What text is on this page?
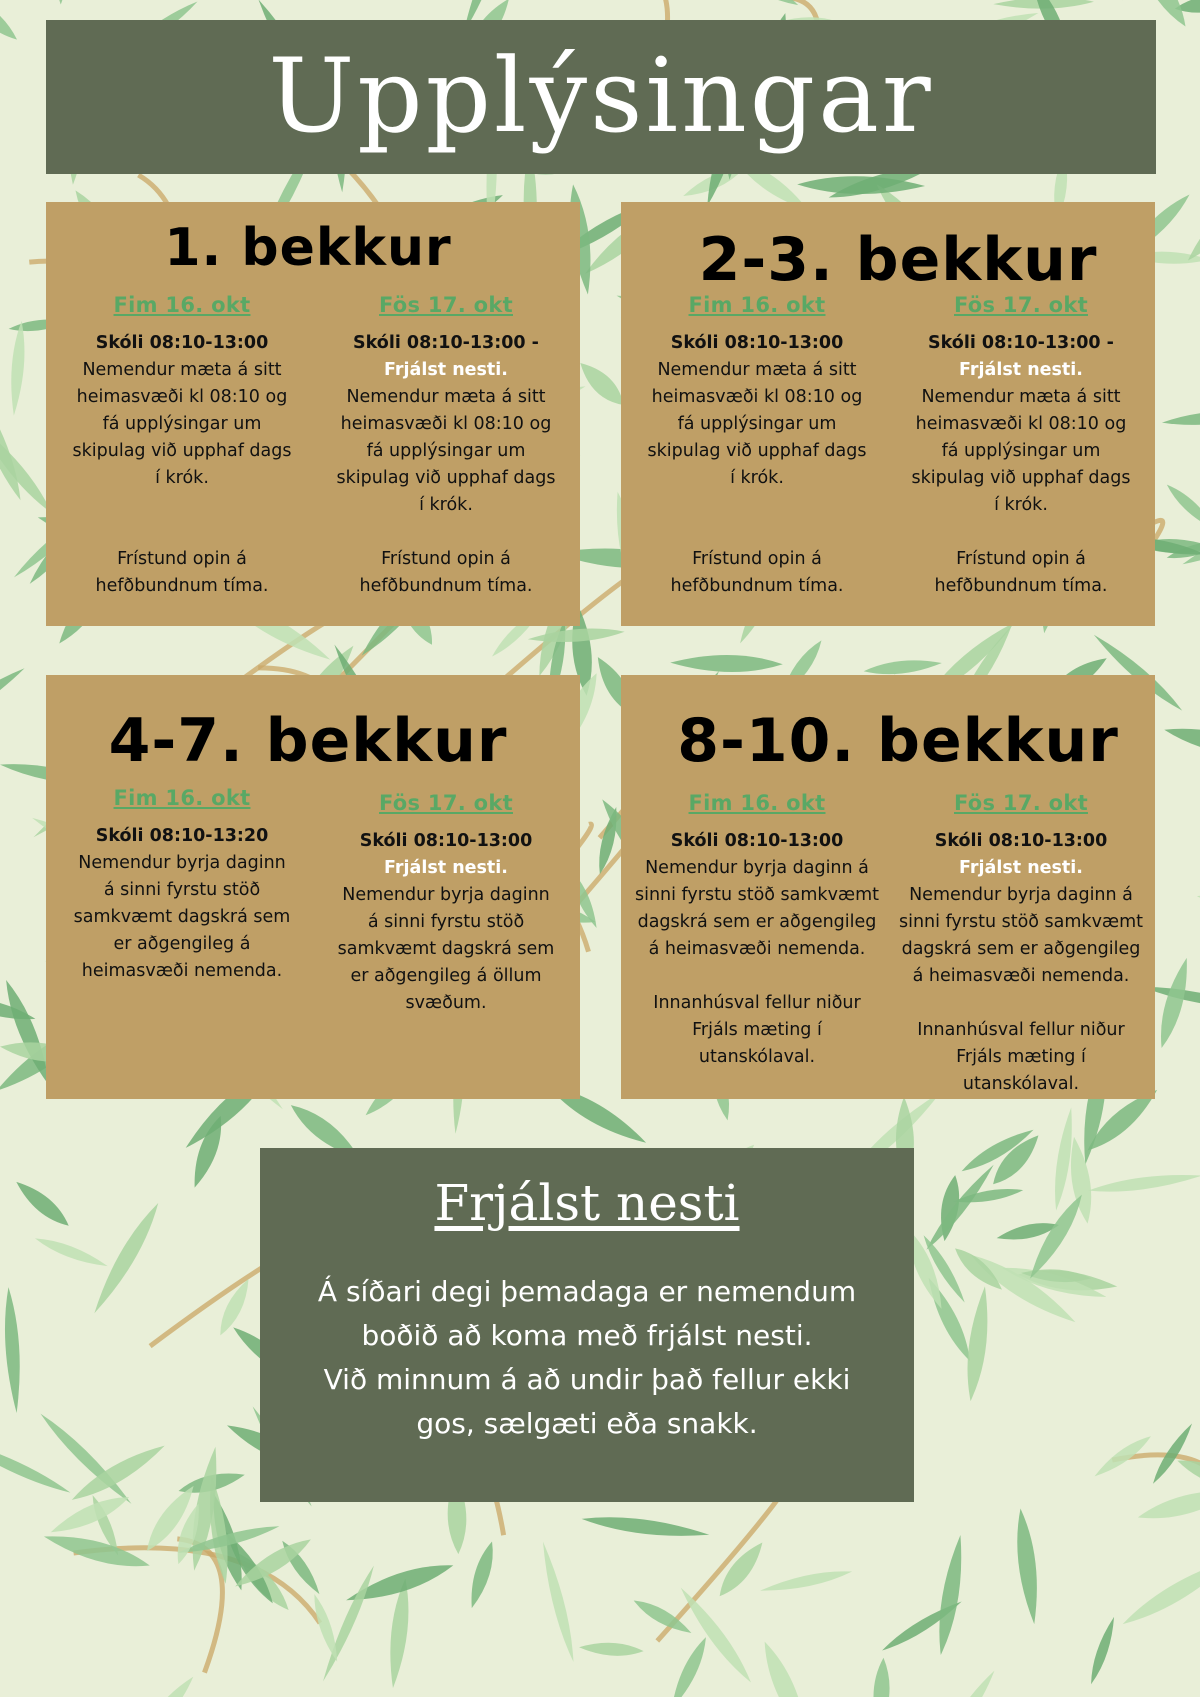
Upplýsingar
1. bekkur
Fim 16. okt
Skóli 08:10-13:00
Nemendur mæta á sitt
heimasvæði kl 08:10 og
fá upplýsingar um
skipulag við upphaf dags
í krók.
Frístund opin á
hefðbundnum tíma.
Fös 17. okt
Skóli 08:10-13:00 -
Frjálst nesti.
Nemendur mæta á sitt
heimasvæði kl 08:10 og
fá upplýsingar um
skipulag við upphaf dags
í krók.
Frístund opin á
hefðbundnum tíma.
2-3. bekkur
Fim 16. okt
Skóli 08:10-13:00
Nemendur mæta á sitt
heimasvæði kl 08:10 og
fá upplýsingar um
skipulag við upphaf dags
í krók.
Frístund opin á
hefðbundnum tíma.
Fös 17. okt
Skóli 08:10-13:00 -
Frjálst nesti.
Nemendur mæta á sitt
heimasvæði kl 08:10 og
fá upplýsingar um
skipulag við upphaf dags
í krók.
Frístund opin á
hefðbundnum tíma.
4-7. bekkur
Fim 16. okt
Skóli 08:10-13:20
Nemendur byrja daginn
á sinni fyrstu stöð
samkvæmt dagskrá sem
er aðgengileg á
heimasvæði nemenda.
Fös 17. okt
Skóli 08:10-13:00
Frjálst nesti.
Nemendur byrja daginn
á sinni fyrstu stöð
samkvæmt dagskrá sem
er aðgengileg á öllum
svæðum.
8-10. bekkur
Fim 16. okt
Skóli 08:10-13:00
Nemendur byrja daginn á
sinni fyrstu stöð samkvæmt
dagskrá sem er aðgengileg
á heimasvæði nemenda.
Innanhúsval fellur niður
Frjáls mæting í
utanskólaval.
Fös 17. okt
Skóli 08:10-13:00
Frjálst nesti.
Nemendur byrja daginn á
sinni fyrstu stöð samkvæmt
dagskrá sem er aðgengileg
á heimasvæði nemenda.
Innanhúsval fellur niður
Frjáls mæting í
utanskólaval.
Frjálst nesti
Á síðari degi þemadaga er nemendum
boðið að koma með frjálst nesti.
Við minnum á að undir það fellur ekki
gos, sælgæti eða snakk.
